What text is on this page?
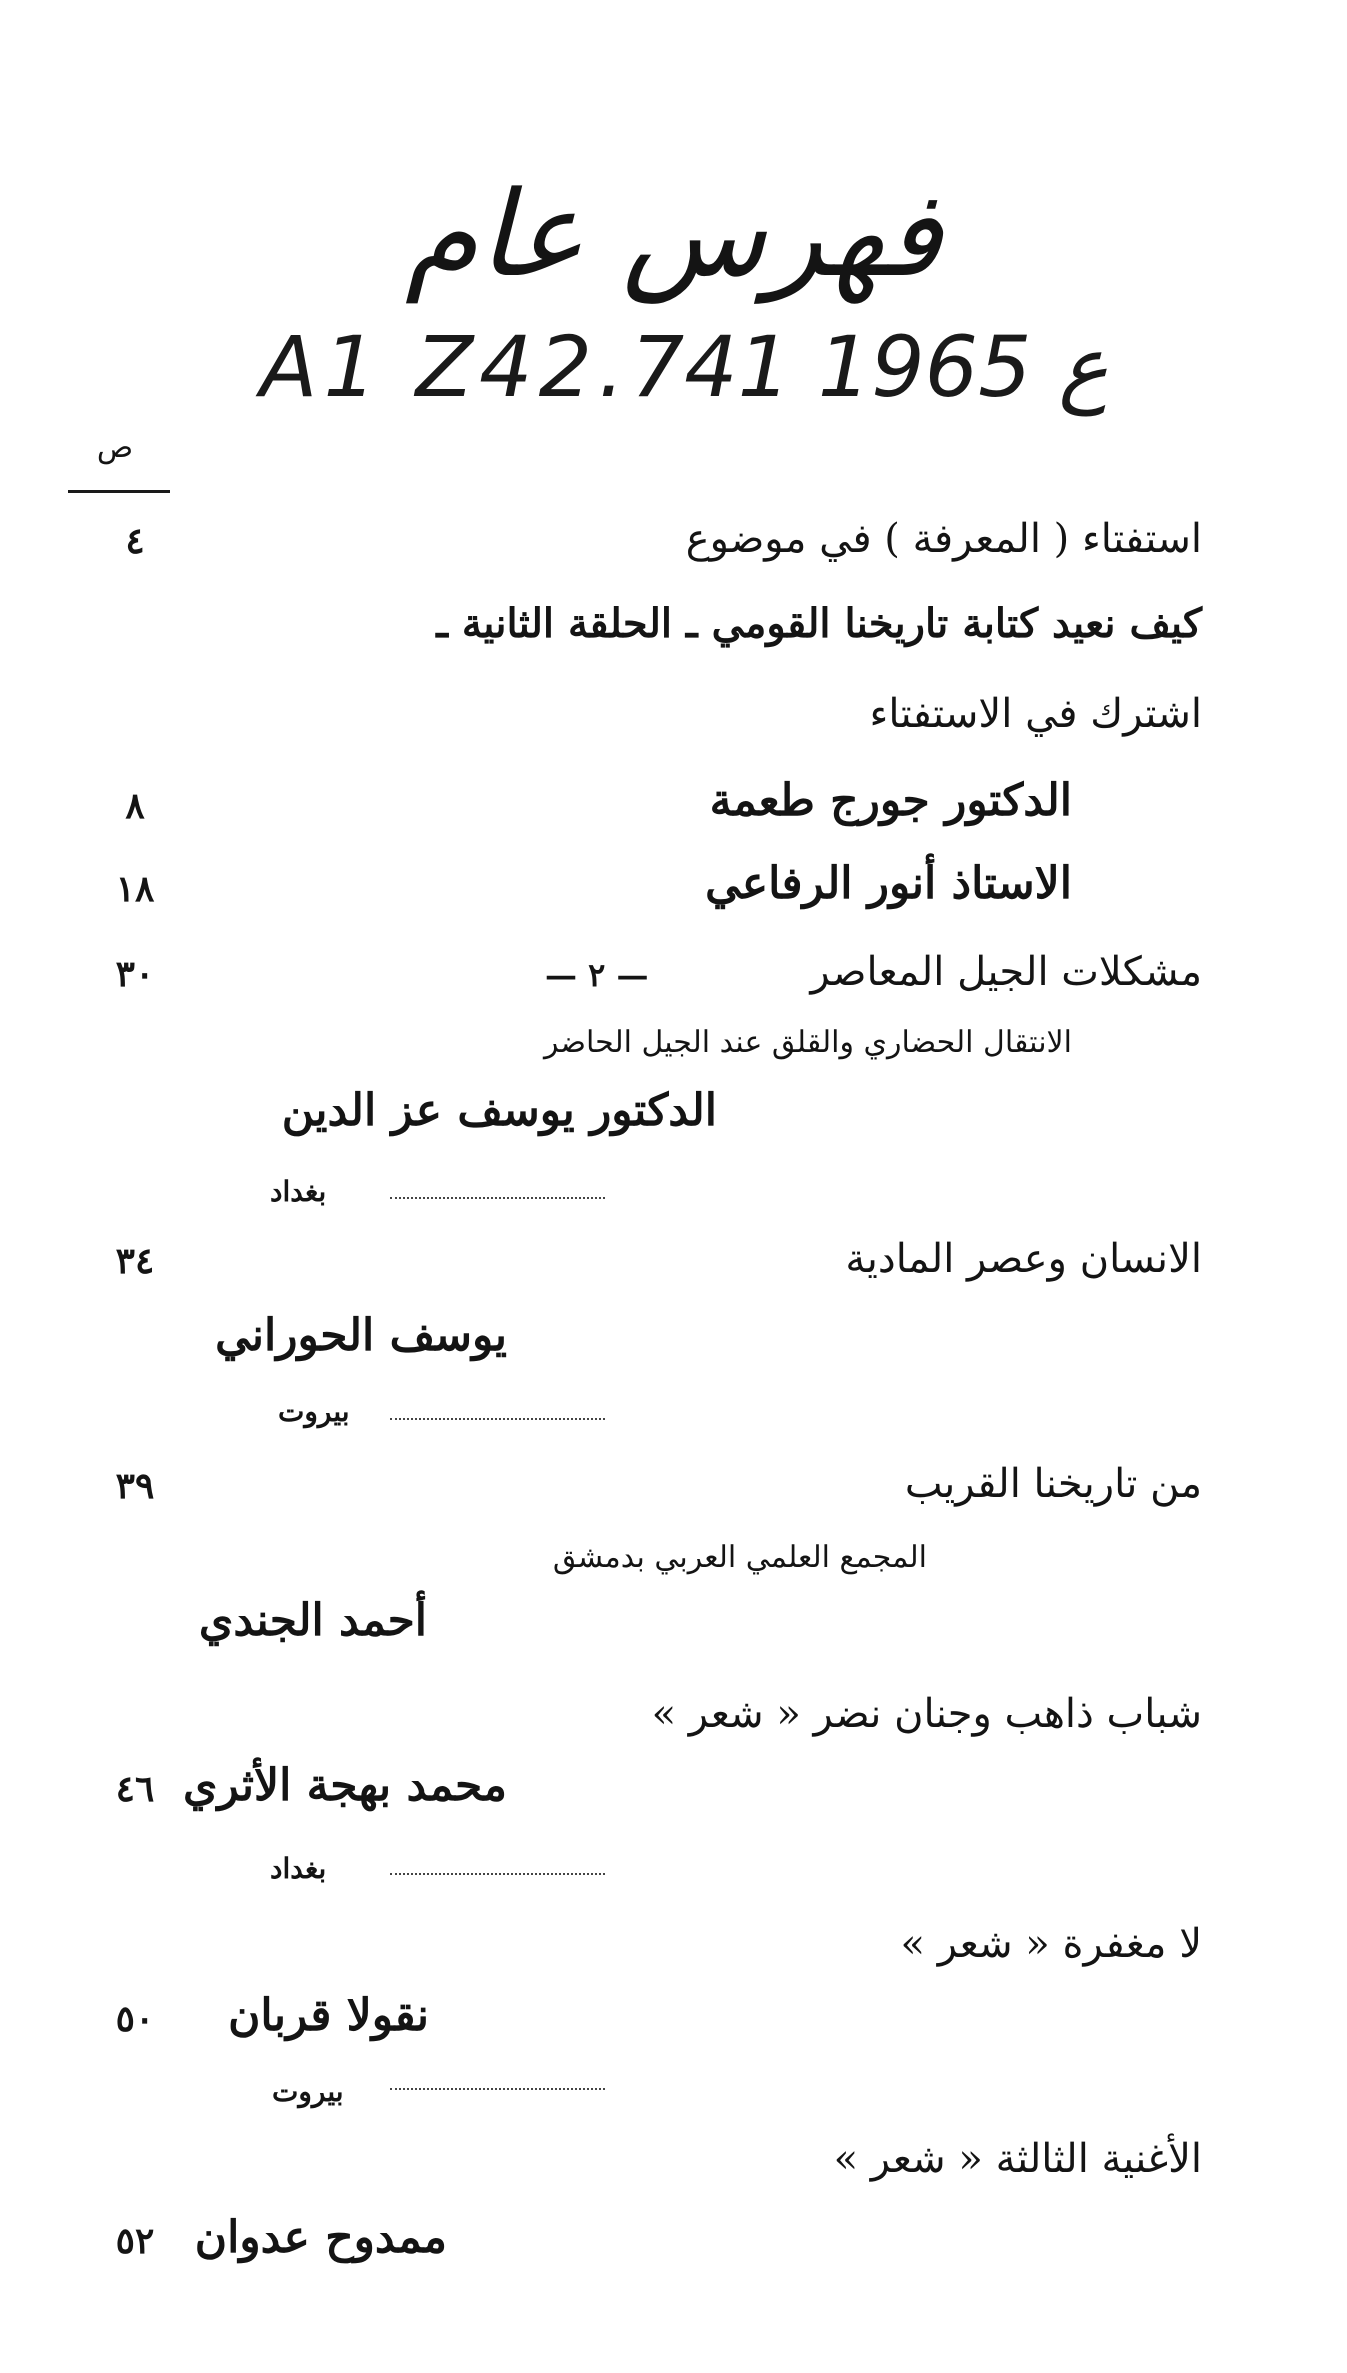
فهرس عام
A1 Z42.ع 1965 741
ص
استفتاء ( المعرفة ) في موضوع
٤
كيف نعيد كتابة تاريخنا القومي ـ الحلقة الثانية ـ
اشترك في الاستفتاء
الدكتور جورج طعمة
٨
الاستاذ أنور الرفاعي
١٨
مشكلات الجيل المعاصر
— ٢ —
٣٠
الانتقال الحضاري والقلق عند الجيل الحاضر
الدكتور يوسف عز الدين
بغداد
الانسان وعصر المادية
٣٤
يوسف الحوراني
بيروت
من تاريخنا القريب
٣٩
المجمع العلمي العربي بدمشق
أحمد الجندي
شباب ذاهب وجنان نضر « شعر »
محمد بهجة الأثري
٤٦
بغداد
لا مغفرة « شعر »
نقولا قربان
٥٠
بيروت
الأغنية الثالثة « شعر »
ممدوح عدوان
٥٢
